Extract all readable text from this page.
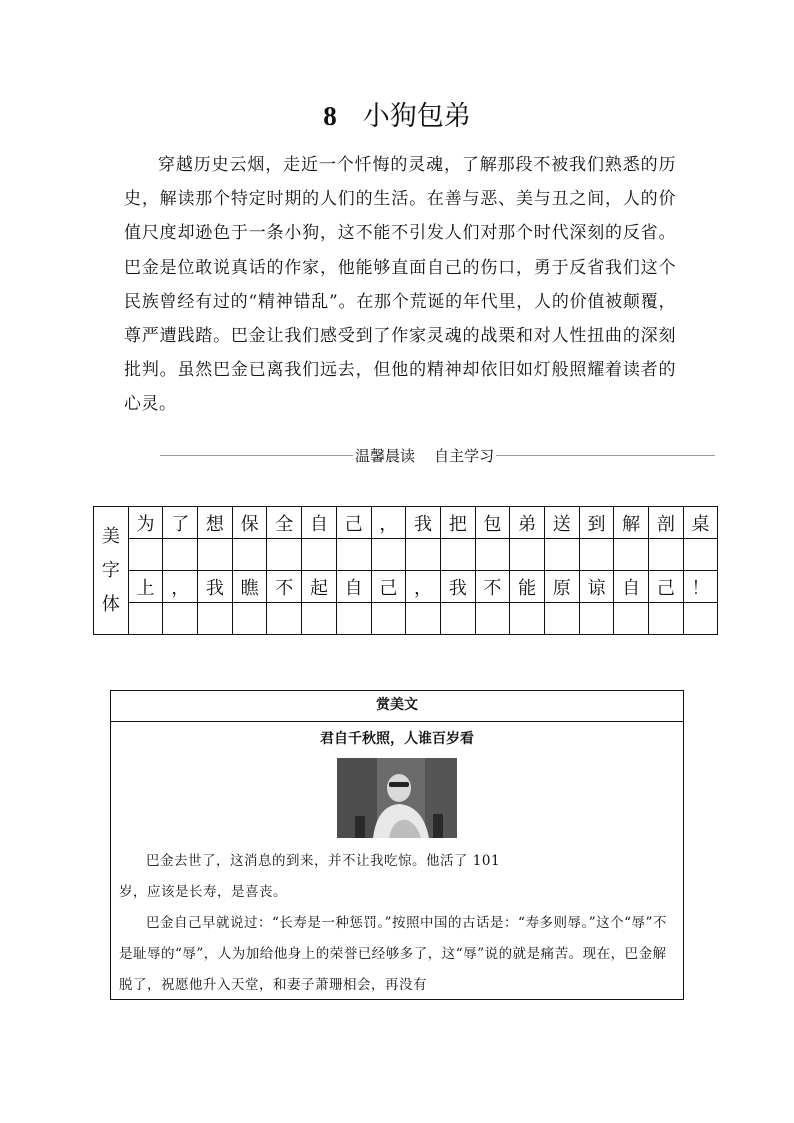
8 小狗包弟

穿越历史云烟，走近一个忏悔的灵魂，了解那段不被我们熟悉的历史，解读那个特定时期的人们的生活。在善与恶、美与丑之间，人的价值尺度却逊色于一条小狗，这不能不引发人们对那个时代深刻的反省。巴金是位敢说真话的作家，他能够直面自己的伤口，勇于反省我们这个民族曾经有过的“精神错乱”。在那个荒诞的年代里，人的价值被颠覆，尊严遭践踏。巴金让我们感受到了作家灵魂的战栗和对人性扭曲的深刻批判。虽然巴金已离我们远去，但他的精神却依旧如灯般照耀着读者的心灵。

温馨晨读    自主学习
美
字
体	为	了	想	保	全	自	己	，	我	把	包	弟	送	到	解	剖	桌

	上	，	我	瞧	不	起	自	己	，	我	不	能	原	谅	自	己	！

赏美文
君自千秋照，人谁百岁看

巴金去世了，这消息的到来，并不让我吃惊。他活了 101

岁，应该是长寿，是喜丧。

巴金自己早就说过：“长寿是一种惩罚。”按照中国的古话是：“寿多则辱。”这个“辱”不是耻辱的“辱”，人为加给他身上的荣誉已经够多了，这“辱”说的就是痛苦。现在，巴金解脱了，祝愿他升入天堂，和妻子萧珊相会，再没有
